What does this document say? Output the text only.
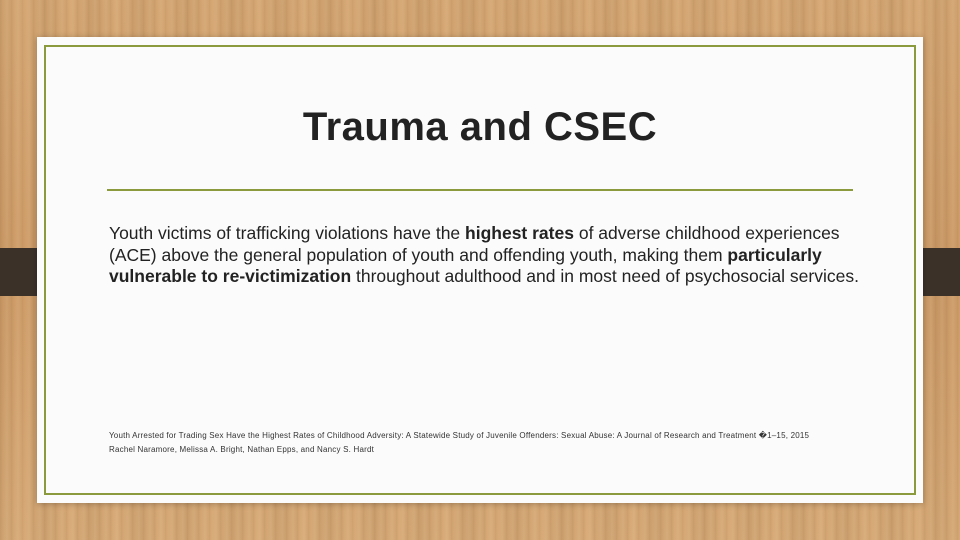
Trauma and CSEC

Youth victims of trafficking violations have the highest rates of adverse childhood experiences (ACE) above the general population of youth and offending youth, making them particularly vulnerable to re-victimization throughout adulthood and in most need of psychosocial services.

Youth Arrested for Trading Sex Have the Highest Rates of Childhood Adversity: A Statewide Study of Juvenile Offenders: Sexual Abuse: A Journal of Research and Treatment �1–15, 2015
Rachel Naramore, Melissa A. Bright, Nathan Epps, and Nancy S. Hardt
